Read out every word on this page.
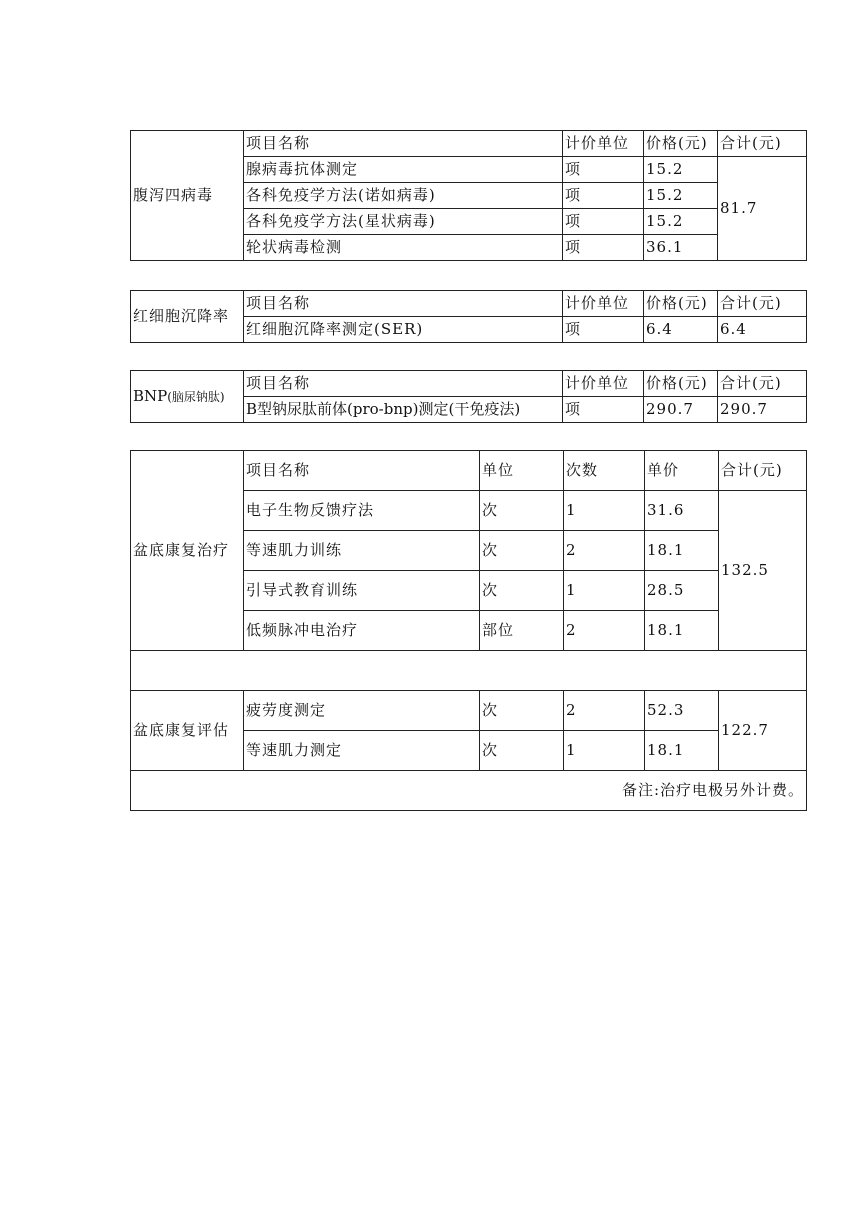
腹泻四病毒	项目名称	计价单位	价格(元)	合计(元)
	腺病毒抗体测定	项	15.2	81.7
	各科免疫学方法(诺如病毒)	项	15.2	
	各科免疫学方法(星状病毒)	项	15.2	
	轮状病毒检测	项	36.1	
红细胞沉降率	项目名称	计价单位	价格(元)	合计(元)
	红细胞沉降率测定(SER)	项	6.4	6.4
BNP(脑尿钠肽)	项目名称	计价单位	价格(元)	合计(元)
	B型钠尿肽前体(pro-bnp)测定(干免疫法)	项	290.7	290.7
盆底康复治疗	项目名称	单位	次数	单价	合计(元)
	电子生物反馈疗法	次	1	31.6	132.5
	等速肌力训练	次	2	18.1	
	引导式教育训练	次	1	28.5	
	低频脉冲电治疗	部位	2	18.1	

盆底康复评估	疲劳度测定	次	2	52.3	122.7
	等速肌力测定	次	1	18.1	
备注:治疗电极另外计费。					
